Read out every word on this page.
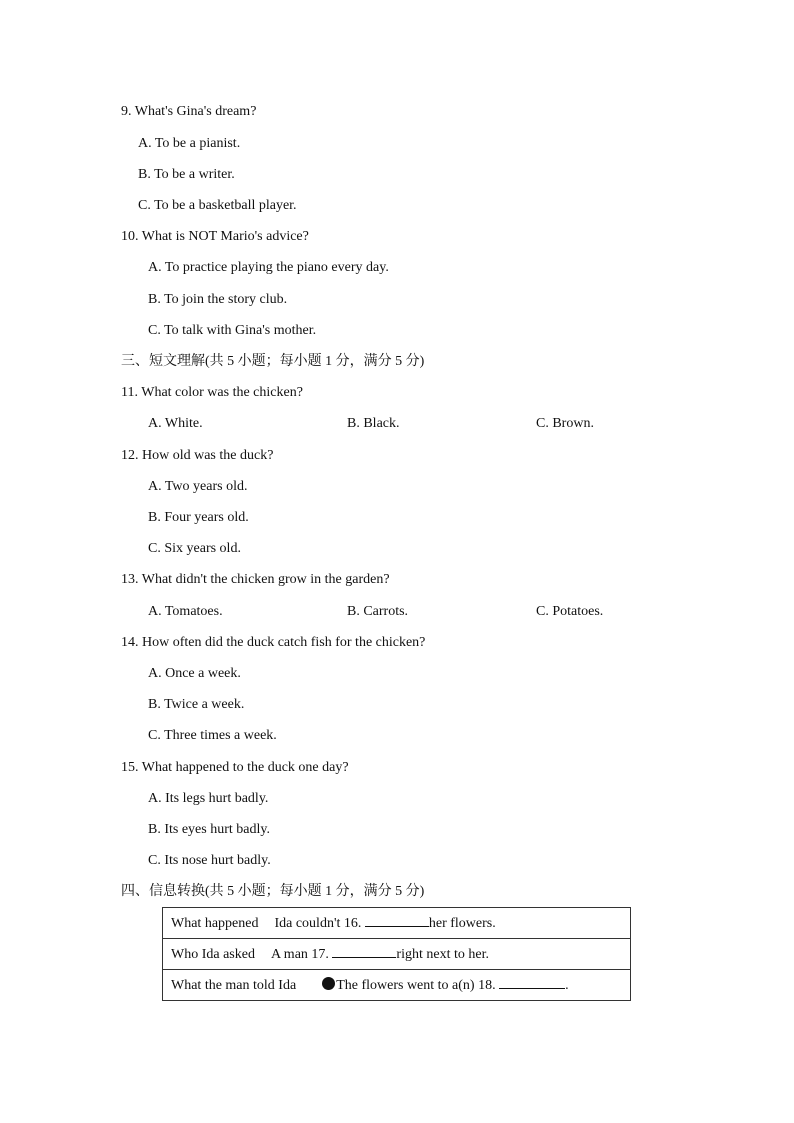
9. What's Gina's dream?
A. To be a pianist.
B. To be a writer.
C. To be a basketball player.
10. What is NOT Mario's advice?
A. To practice playing the piano every day.
B. To join the story club.
C. To talk with Gina's mother.
三、短文理解(共 5 小题；每小题 1 分，满分 5 分)
11. What color was the chicken?
A. White.	B. Black.	C. Brown.
12. How old was the duck?
A. Two years old.
B. Four years old.
C. Six years old.
13. What didn't the chicken grow in the garden?
A. Tomatoes.	B. Carrots.	C. Potatoes.
14. How often did the duck catch fish for the chicken?
A. Once a week.
B. Twice a week.
C. Three times a week.
15. What happened to the duck one day?
A. Its legs hurt badly.
B. Its eyes hurt badly.
C. Its nose hurt badly.
四、信息转换(共 5 小题；每小题 1 分，满分 5 分)
What happened Ida couldn't 16.	her flowers.
Who Ida asked A man 17.	right next to her.
What the man told Ida	The flowers went to a(n) 18.	.
